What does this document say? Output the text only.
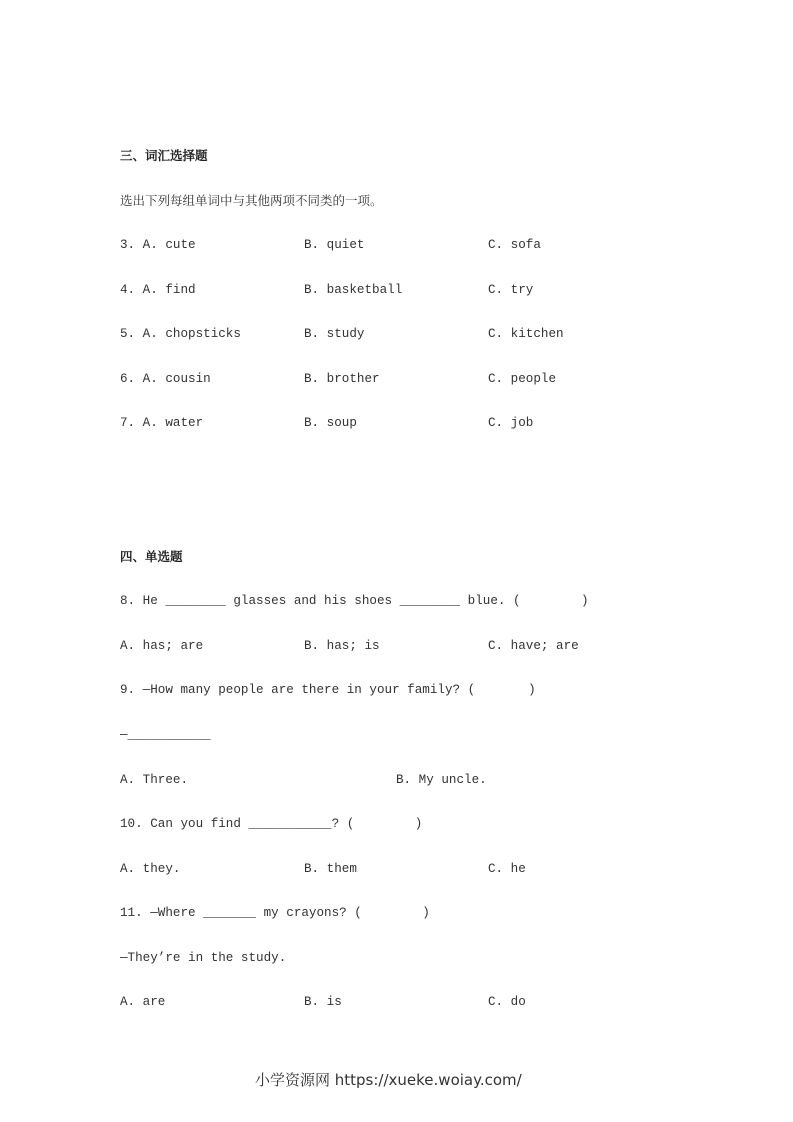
三、词汇选择题
选出下列每组单词中与其他两项不同类的一项。
3. A. cute	B. quiet	C. sofa
4. A. find	B. basketball	C. try
5. A. chopsticks	B. study	C. kitchen
6. A. cousin	B. brother	C. people
7. A. water	B. soup	C. job
四、单选题
8. He ________ glasses and his shoes ________ blue. (        )
A. has; are	B. has; is	C. have; are
9. —How many people are there in your family? (       )
—___________
A. Three.	B. My uncle.
10. Can you find ___________? (        )
A. they.	B. them	C. he
11. —Where _______ my crayons? (        )
—They’re in the study.
A. are	B. is	C. do
小学资源网 https://xueke.woiay.com/
